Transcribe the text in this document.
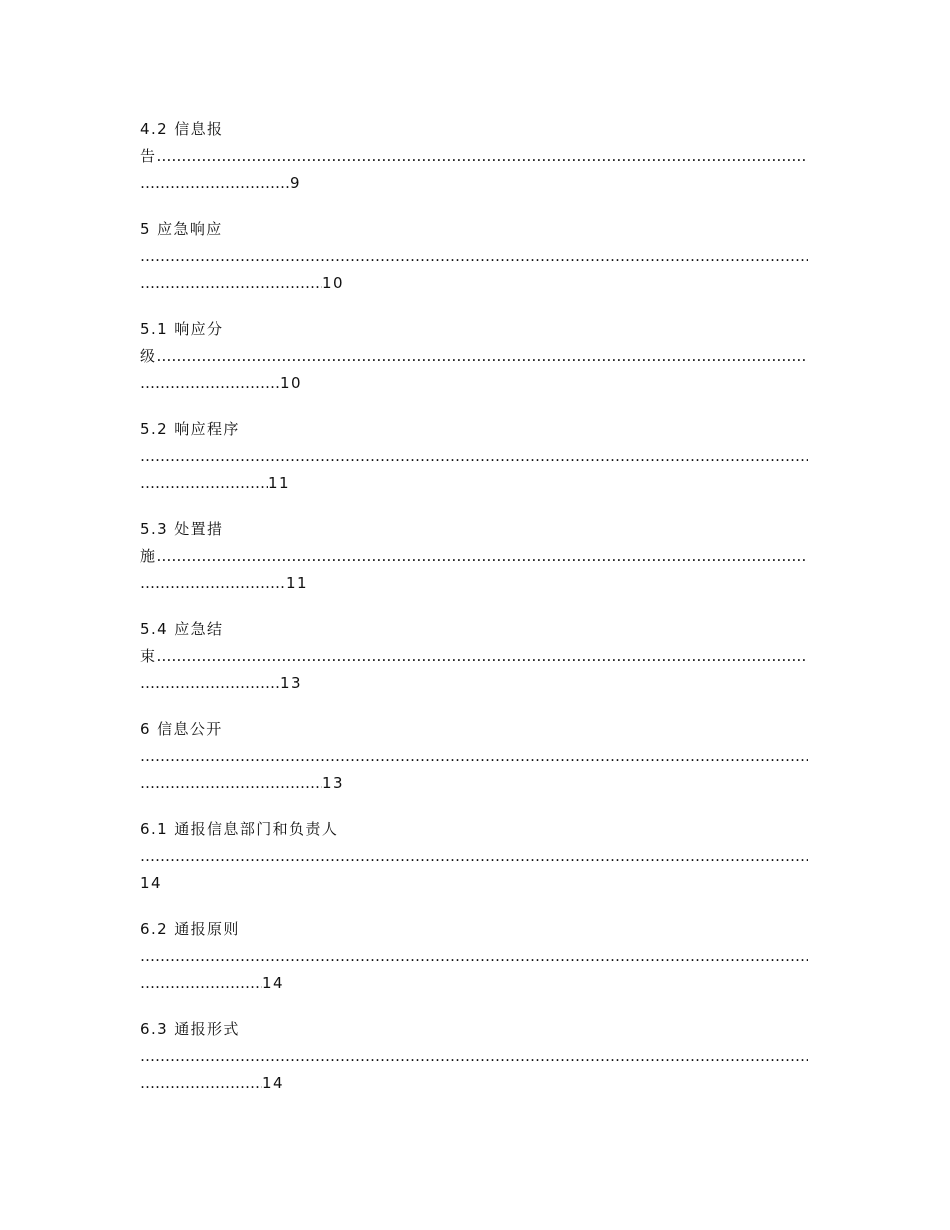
4.2 信息报
告……………………………………………………………………………………………………………………………………………………………………………………………………………………
……………………………………………………………………………………………………………………………………………………………………………………………………………………9
5 应急响应
……………………………………………………………………………………………………………………………………………………………………………………………………………………
……………………………………………………………………………………………………………………………………………………………………………………………………………………10
5.1 响应分
级……………………………………………………………………………………………………………………………………………………………………………………………………………………
……………………………………………………………………………………………………………………………………………………………………………………………………………………10
5.2 响应程序
……………………………………………………………………………………………………………………………………………………………………………………………………………………
……………………………………………………………………………………………………………………………………………………………………………………………………………………11
5.3 处置措
施……………………………………………………………………………………………………………………………………………………………………………………………………………………
……………………………………………………………………………………………………………………………………………………………………………………………………………………11
5.4 应急结
束……………………………………………………………………………………………………………………………………………………………………………………………………………………
……………………………………………………………………………………………………………………………………………………………………………………………………………………13
6 信息公开
……………………………………………………………………………………………………………………………………………………………………………………………………………………
……………………………………………………………………………………………………………………………………………………………………………………………………………………13
6.1 通报信息部门和负责人
……………………………………………………………………………………………………………………………………………………………………………………………………………………
14
6.2 通报原则
……………………………………………………………………………………………………………………………………………………………………………………………………………………
……………………………………………………………………………………………………………………………………………………………………………………………………………………14
6.3 通报形式
……………………………………………………………………………………………………………………………………………………………………………………………………………………
……………………………………………………………………………………………………………………………………………………………………………………………………………………14
